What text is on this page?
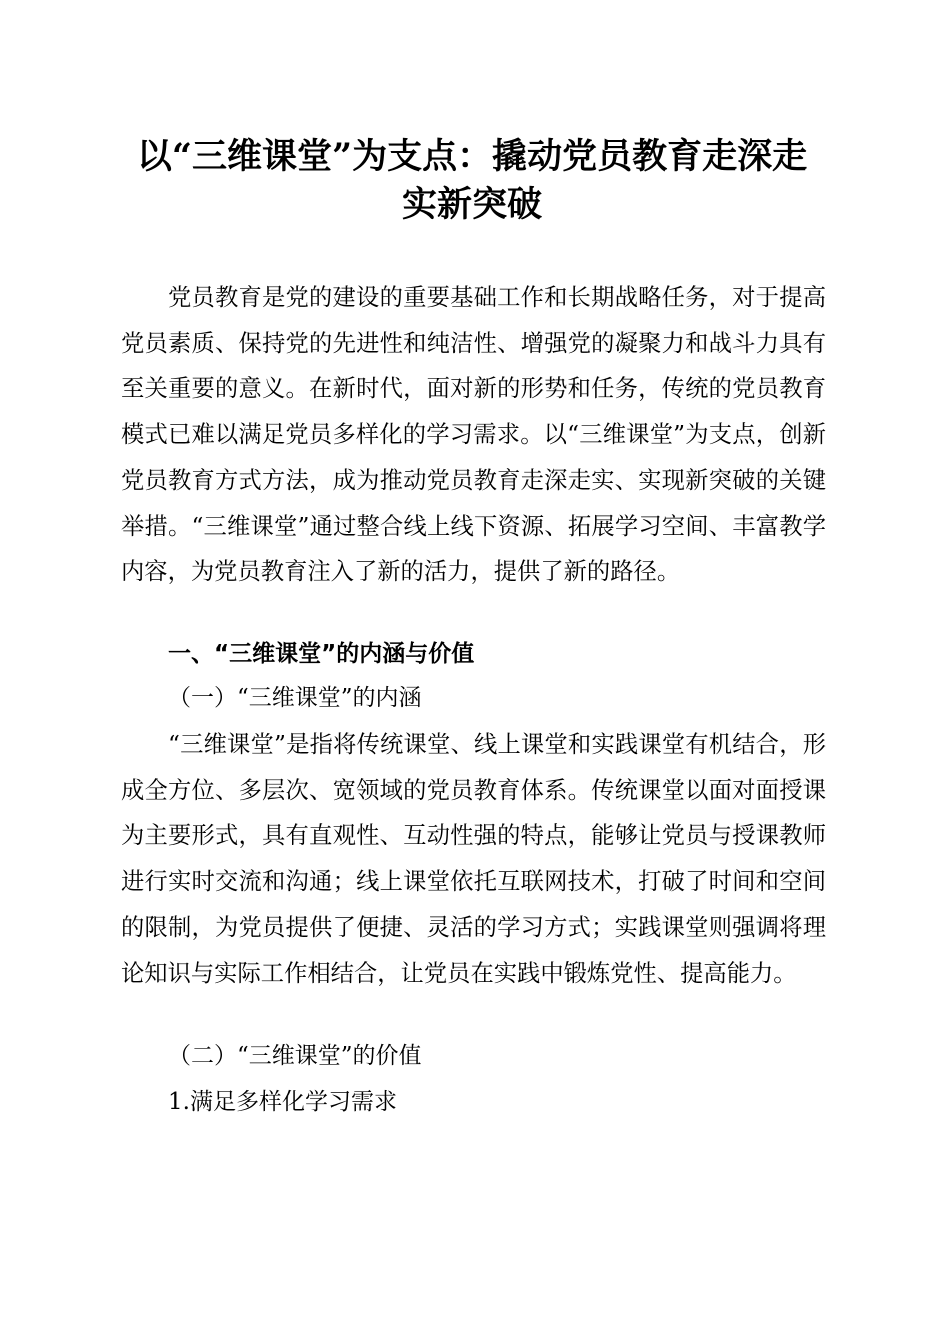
以“三维课堂”为支点：撬动党员教育走深走
实新突破

党员教育是党的建设的重要基础工作和长期战略任务，对于提高党员素质、保持党的先进性和纯洁性、增强党的凝聚力和战斗力具有至关重要的意义。在新时代，面对新的形势和任务，传统的党员教育模式已难以满足党员多样化的学习需求。以“三维课堂”为支点，创新党员教育方式方法，成为推动党员教育走深走实、实现新突破的关键举措。“三维课堂”通过整合线上线下资源、拓展学习空间、丰富教学内容，为党员教育注入了新的活力，提供了新的路径。

一、“三维课堂”的内涵与价值

（一）“三维课堂”的内涵

“三维课堂”是指将传统课堂、线上课堂和实践课堂有机结合，形成全方位、多层次、宽领域的党员教育体系。传统课堂以面对面授课为主要形式，具有直观性、互动性强的特点，能够让党员与授课教师进行实时交流和沟通；线上课堂依托互联网技术，打破了时间和空间的限制，为党员提供了便捷、灵活的学习方式；实践课堂则强调将理论知识与实际工作相结合，让党员在实践中锻炼党性、提高能力。

（二）“三维课堂”的价值

1.满足多样化学习需求
